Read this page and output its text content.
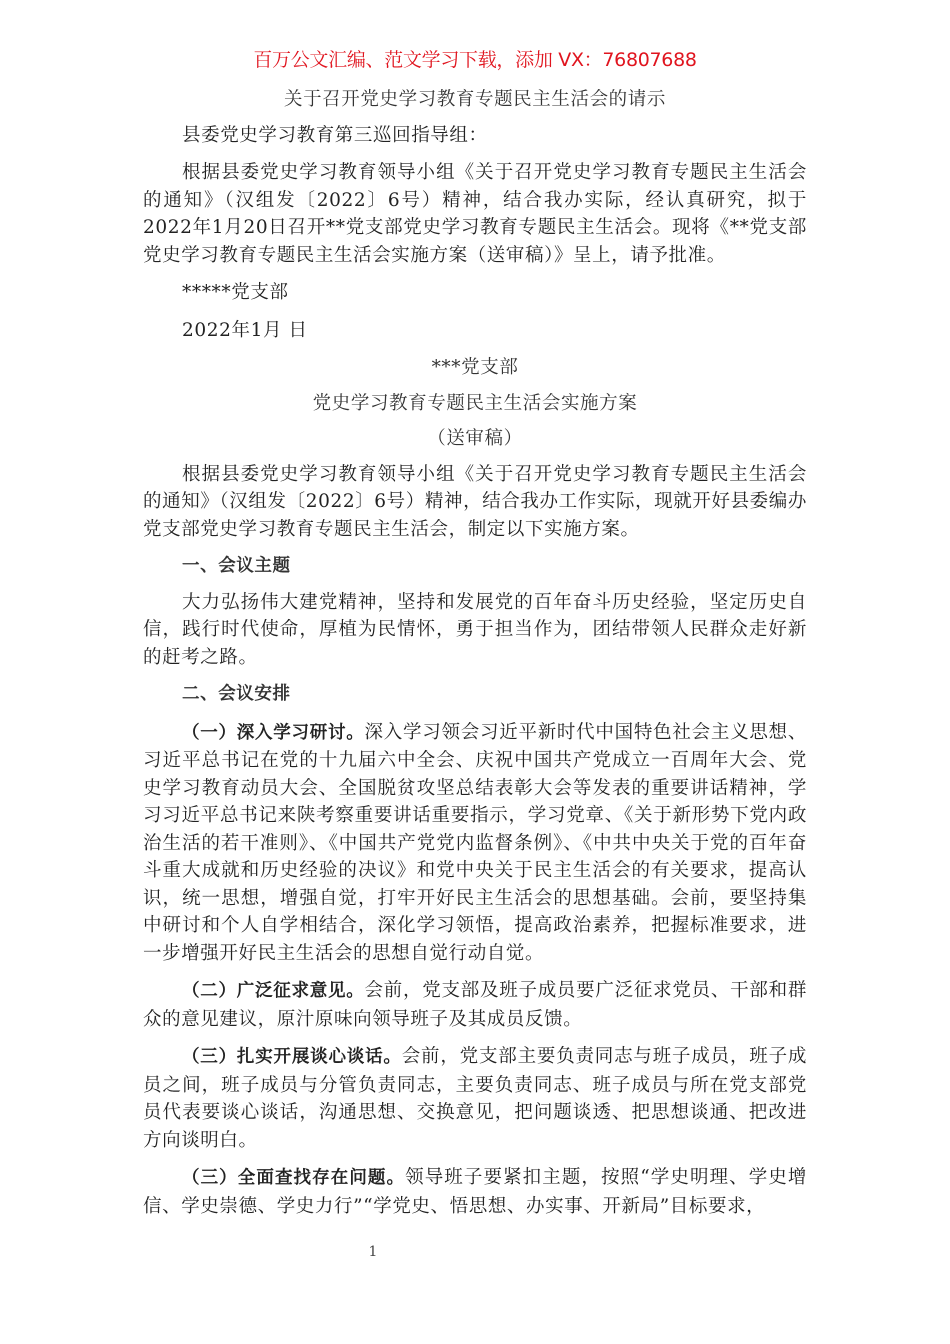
百万公文汇编、范文学习下载，添加 VX：76807688

关于召开党史学习教育专题民主生活会的请示

县委党史学习教育第三巡回指导组：

根据县委党史学习教育领导小组《关于召开党史学习教育专题民主生活会的通知》（汉组发〔2022〕6号）精神，结合我办实际，经认真研究，拟于2022年1月20日召开**党支部党史学习教育专题民主生活会。现将《**党支部党史学习教育专题民主生活会实施方案（送审稿）》呈上，请予批准。

*****党支部

2022年1月 日

***党支部

党史学习教育专题民主生活会实施方案

（送审稿）

根据县委党史学习教育领导小组《关于召开党史学习教育专题民主生活会的通知》（汉组发〔2022〕6号）精神，结合我办工作实际，现就开好县委编办党支部党史学习教育专题民主生活会，制定以下实施方案。

一、会议主题

大力弘扬伟大建党精神，坚持和发展党的百年奋斗历史经验，坚定历史自信，践行时代使命，厚植为民情怀，勇于担当作为，团结带领人民群众走好新的赶考之路。

二、会议安排

（一）深入学习研讨。深入学习领会习近平新时代中国特色社会主义思想、习近平总书记在党的十九届六中全会、庆祝中国共产党成立一百周年大会、党史学习教育动员大会、全国脱贫攻坚总结表彰大会等发表的重要讲话精神，学习习近平总书记来陕考察重要讲话重要指示，学习党章、《关于新形势下党内政治生活的若干准则》、《中国共产党党内监督条例》、《中共中央关于党的百年奋斗重大成就和历史经验的决议》和党中央关于民主生活会的有关要求，提高认识，统一思想，增强自觉，打牢开好民主生活会的思想基础。会前，要坚持集中研讨和个人自学相结合，深化学习领悟，提高政治素养，把握标准要求，进一步增强开好民主生活会的思想自觉行动自觉。

（二）广泛征求意见。会前，党支部及班子成员要广泛征求党员、干部和群众的意见建议，原汁原味向领导班子及其成员反馈。

（三）扎实开展谈心谈话。会前，党支部主要负责同志与班子成员，班子成员之间，班子成员与分管负责同志，主要负责同志、班子成员与所在党支部党员代表要谈心谈话，沟通思想、交换意见，把问题谈透、把思想谈通、把改进方向谈明白。

（三）全面查找存在问题。领导班子要紧扣主题，按照“学史明理、学史增信、学史崇德、学史力行”“学党史、悟思想、办实事、开新局”目标要求，

1
